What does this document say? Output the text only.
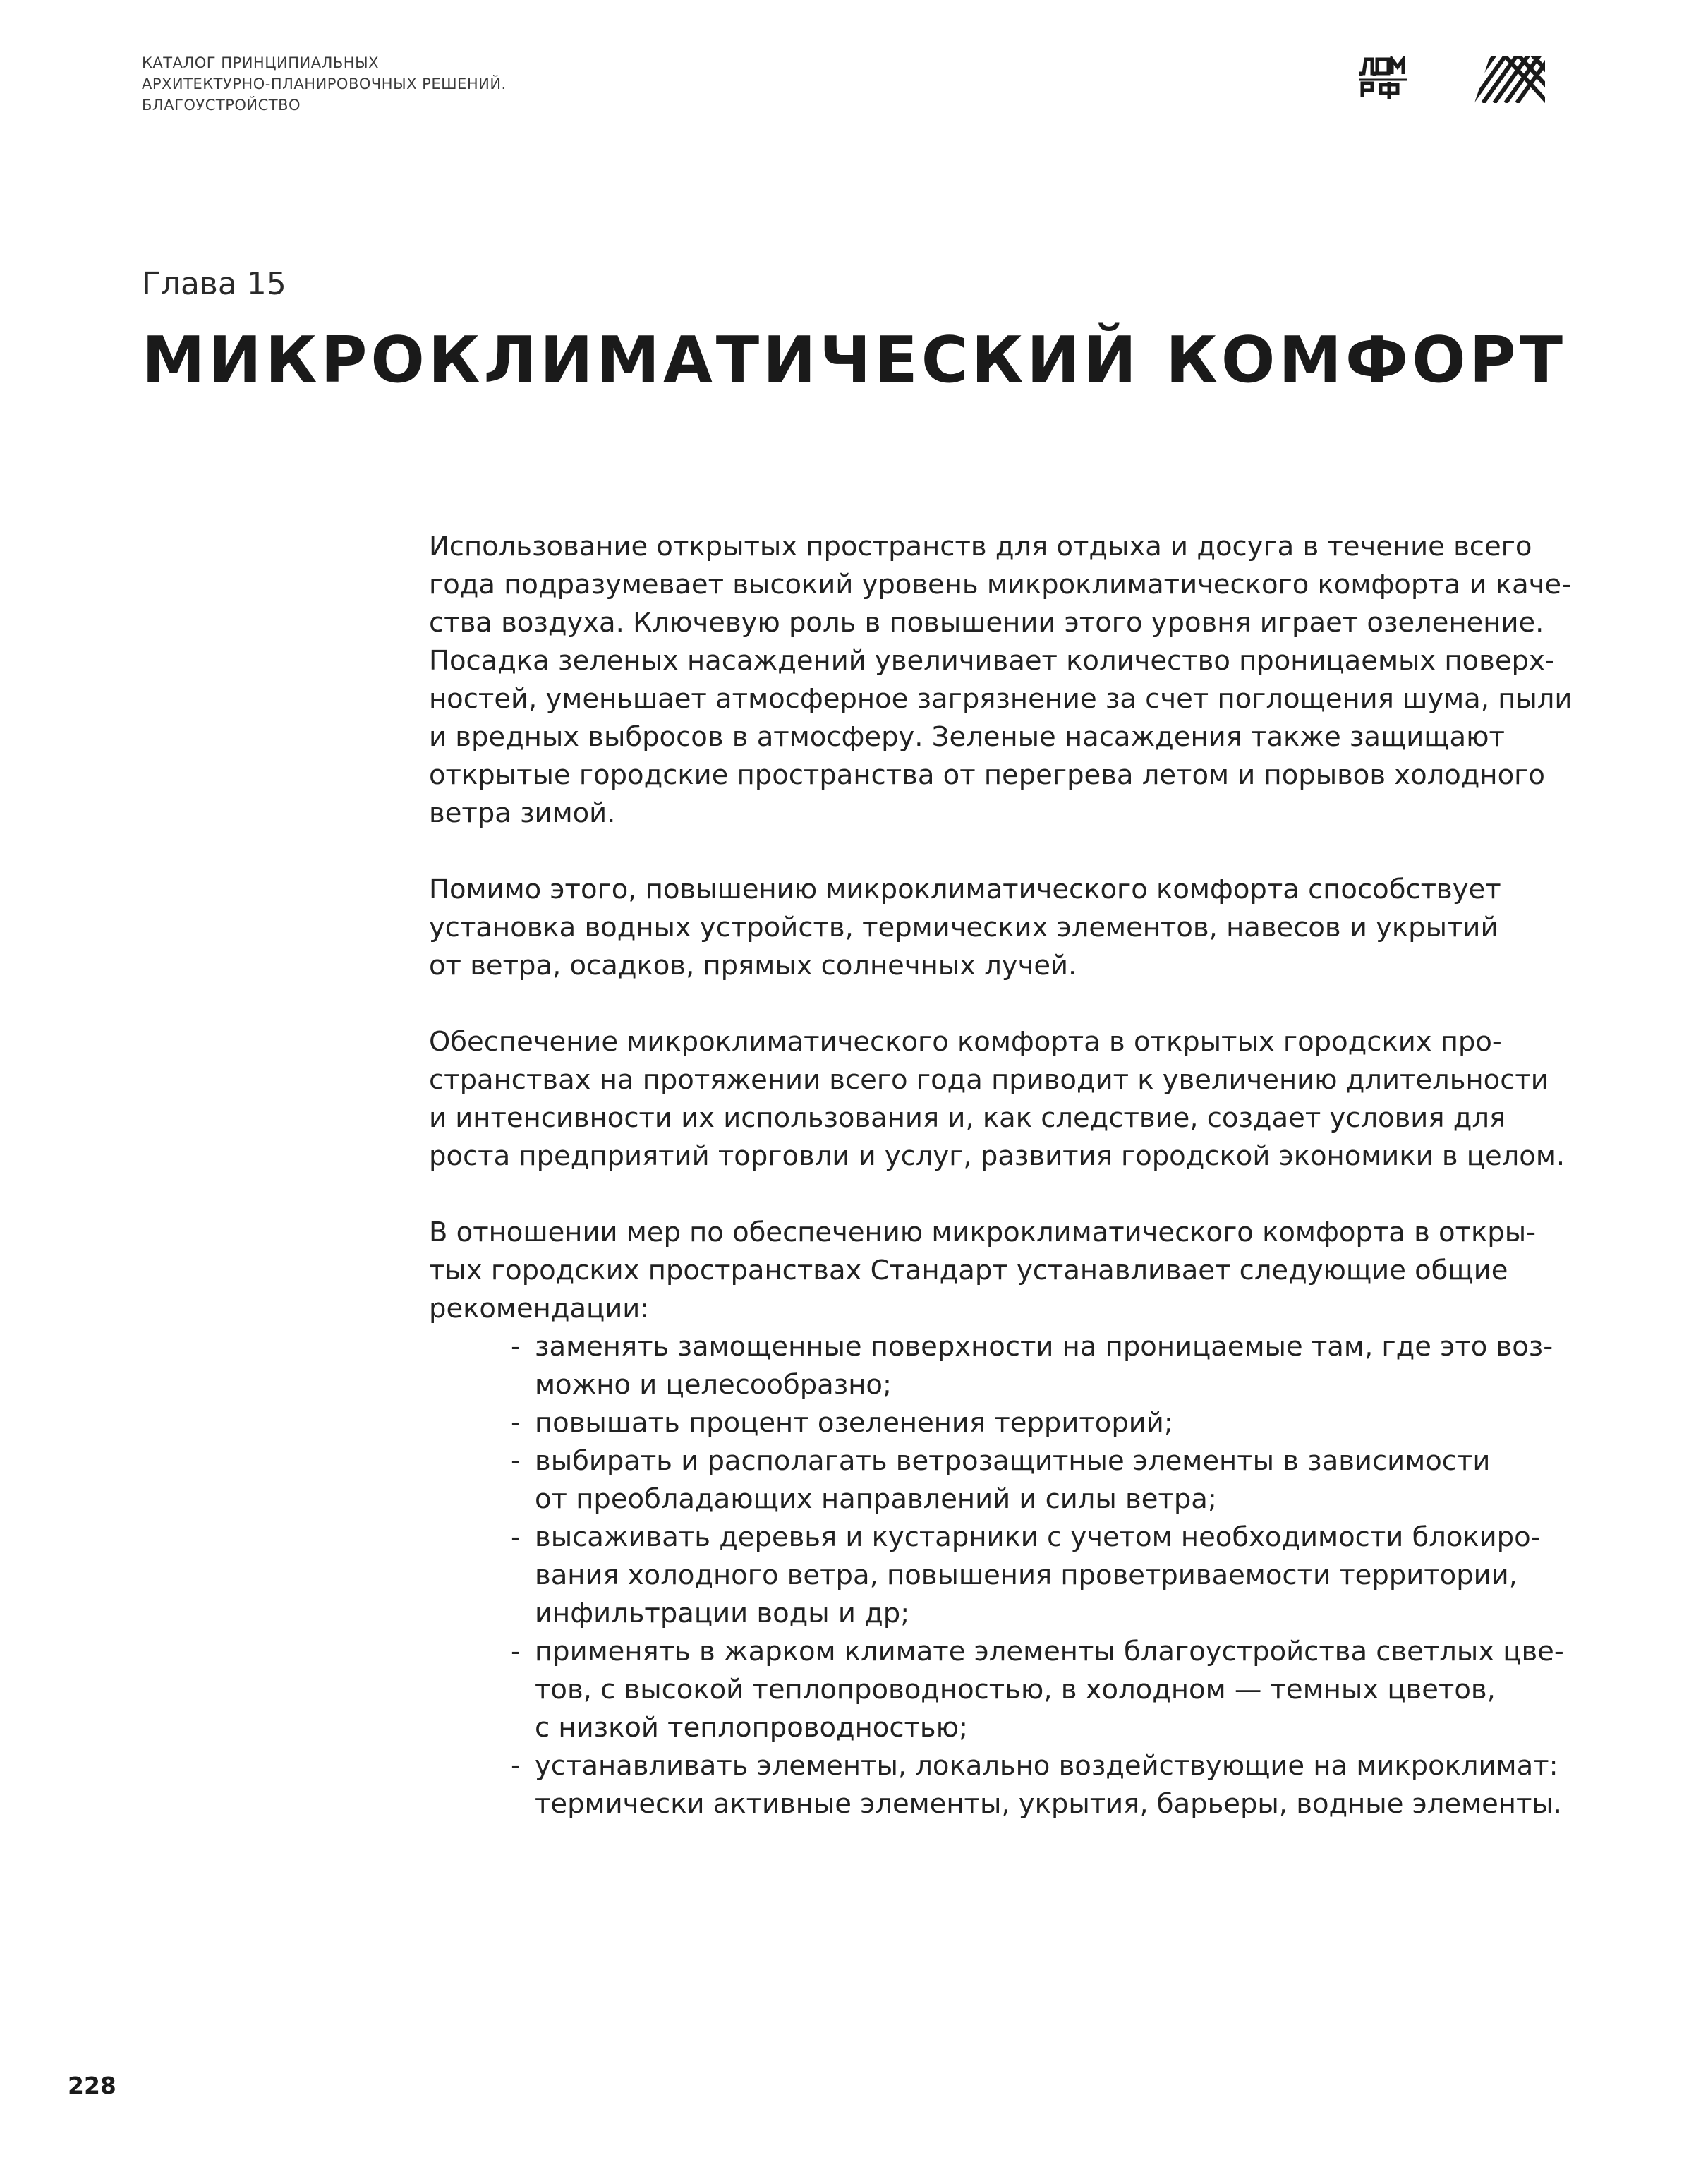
КАТАЛОГ ПРИНЦИПИАЛЬНЫХ
АРХИТЕКТУРНО-ПЛАНИРОВОЧНЫХ РЕШЕНИЙ.
БЛАГОУСТРОЙСТВО
Глава 15
МИКРОКЛИМАТИЧЕСКИЙ КОМФОРТ

Использование открытых пространств для отдыха и досуга в течение всего
года подразумевает высокий уровень микроклиматического комфорта и каче-
ства воздуха. Ключевую роль в повышении этого уровня играет озеленение.
Посадка зеленых насаждений увеличивает количество проницаемых поверх-
ностей, уменьшает атмосферное загрязнение за счет поглощения шума, пыли
и вредных выбросов в атмосферу. Зеленые насаждения также защищают
открытые городские пространства от перегрева летом и порывов холодного
ветра зимой.

Помимо этого, повышению микроклиматического комфорта способствует
установка водных устройств, термических элементов, навесов и укрытий
от ветра, осадков, прямых солнечных лучей.

Обеспечение микроклиматического комфорта в открытых городских про-
странствах на протяжении всего года приводит к увеличению длительности
и интенсивности их использования и, как следствие, создает условия для
роста предприятий торговли и услуг, развития городской экономики в целом.

В отношении мер по обеспечению микроклиматического комфорта в откры-
тых городских пространствах Стандарт устанавливает следующие общие
рекомендации:

- заменять замощенные поверхности на проницаемые там, где это воз-
можно и целесообразно;
- повышать процент озеленения территорий;
- выбирать и располагать ветрозащитные элементы в зависимости
от преобладающих направлений и силы ветра;
- высаживать деревья и кустарники с учетом необходимости блокиро-
вания холодного ветра, повышения проветриваемости территории,
инфильтрации воды и др;
- применять в жарком климате элементы благоустройства светлых цве-
тов, с высокой теплопроводностью, в холодном — темных цветов,
с низкой теплопроводностью;
- устанавливать элементы, локально воздействующие на микроклимат:
термически активные элементы, укрытия, барьеры, водные элементы.
228
